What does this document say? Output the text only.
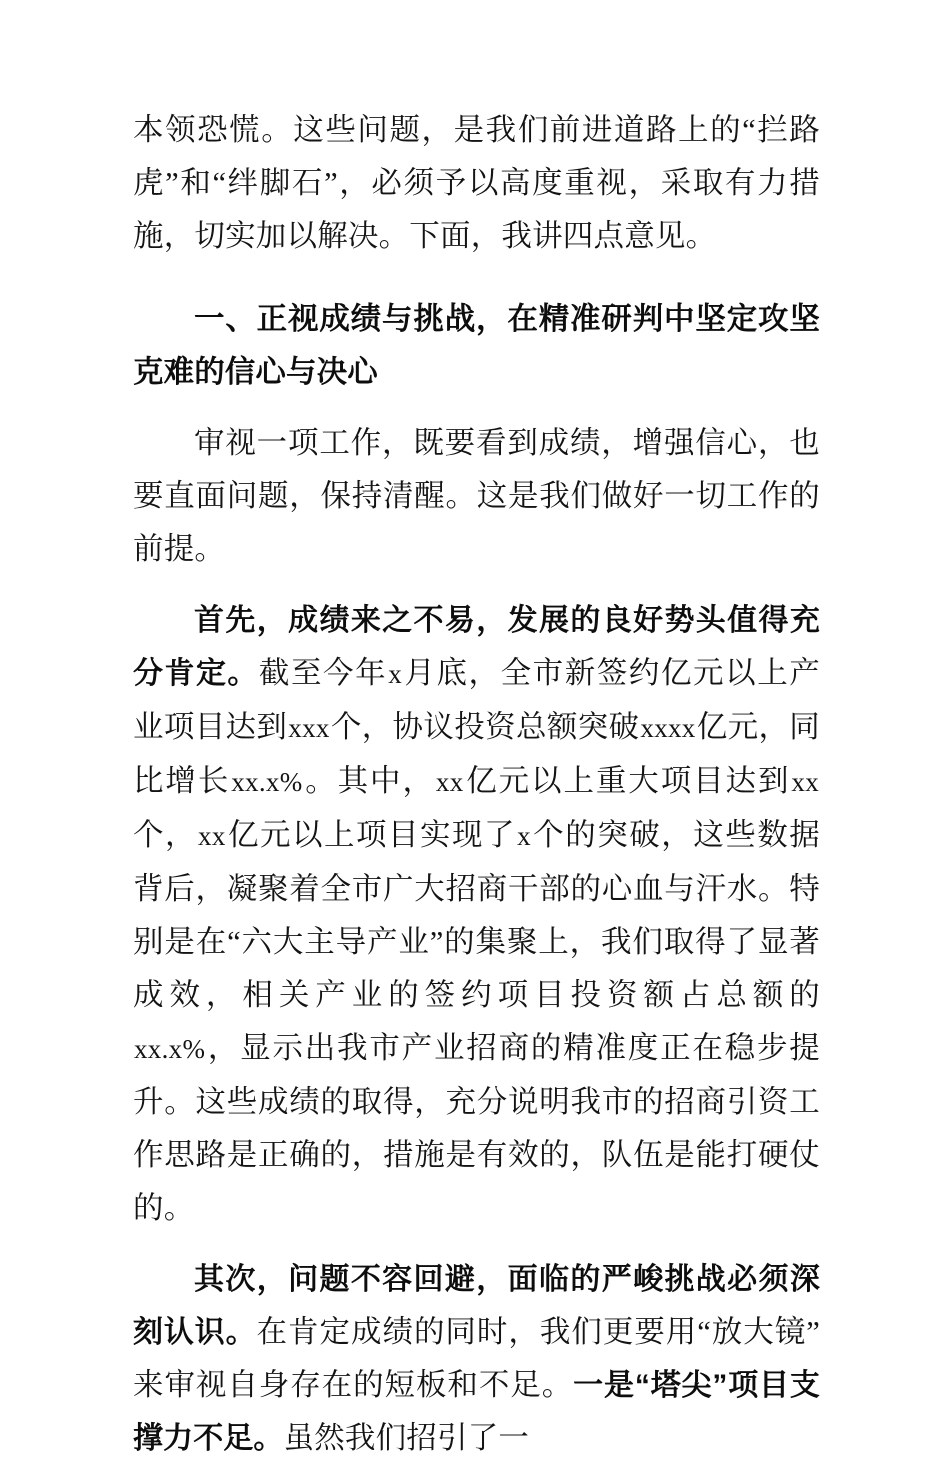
本领恐慌。这些问题，是我们前进道路上的“拦路虎”和“绊脚石”，必须予以高度重视，采取有力措施，切实加以解决。下面，我讲四点意见。

一、正视成绩与挑战，在精准研判中坚定攻坚克难的信心与决心

审视一项工作，既要看到成绩，增强信心，也要直面问题，保持清醒。这是我们做好一切工作的前提。

首先，成绩来之不易，发展的良好势头值得充分肯定。截至今年x月底，全市新签约亿元以上产业项目达到xxx个，协议投资总额突破xxxx亿元，同比增长xx.x%。其中，xx亿元以上重大项目达到xx个，xx亿元以上项目实现了x个的突破，这些数据背后，凝聚着全市广大招商干部的心血与汗水。特别是在“六大主导产业”的集聚上，我们取得了显著成效，相关产业的签约项目投资额占总额的xx.x%，显示出我市产业招商的精准度正在稳步提升。这些成绩的取得，充分说明我市的招商引资工作思路是正确的，措施是有效的，队伍是能打硬仗的。

其次，问题不容回避，面临的严峻挑战必须深刻认识。在肯定成绩的同时，我们更要用“放大镜”来审视自身存在的短板和不足。一是“塔尖”项目支撑力不足。虽然我们招引了一
